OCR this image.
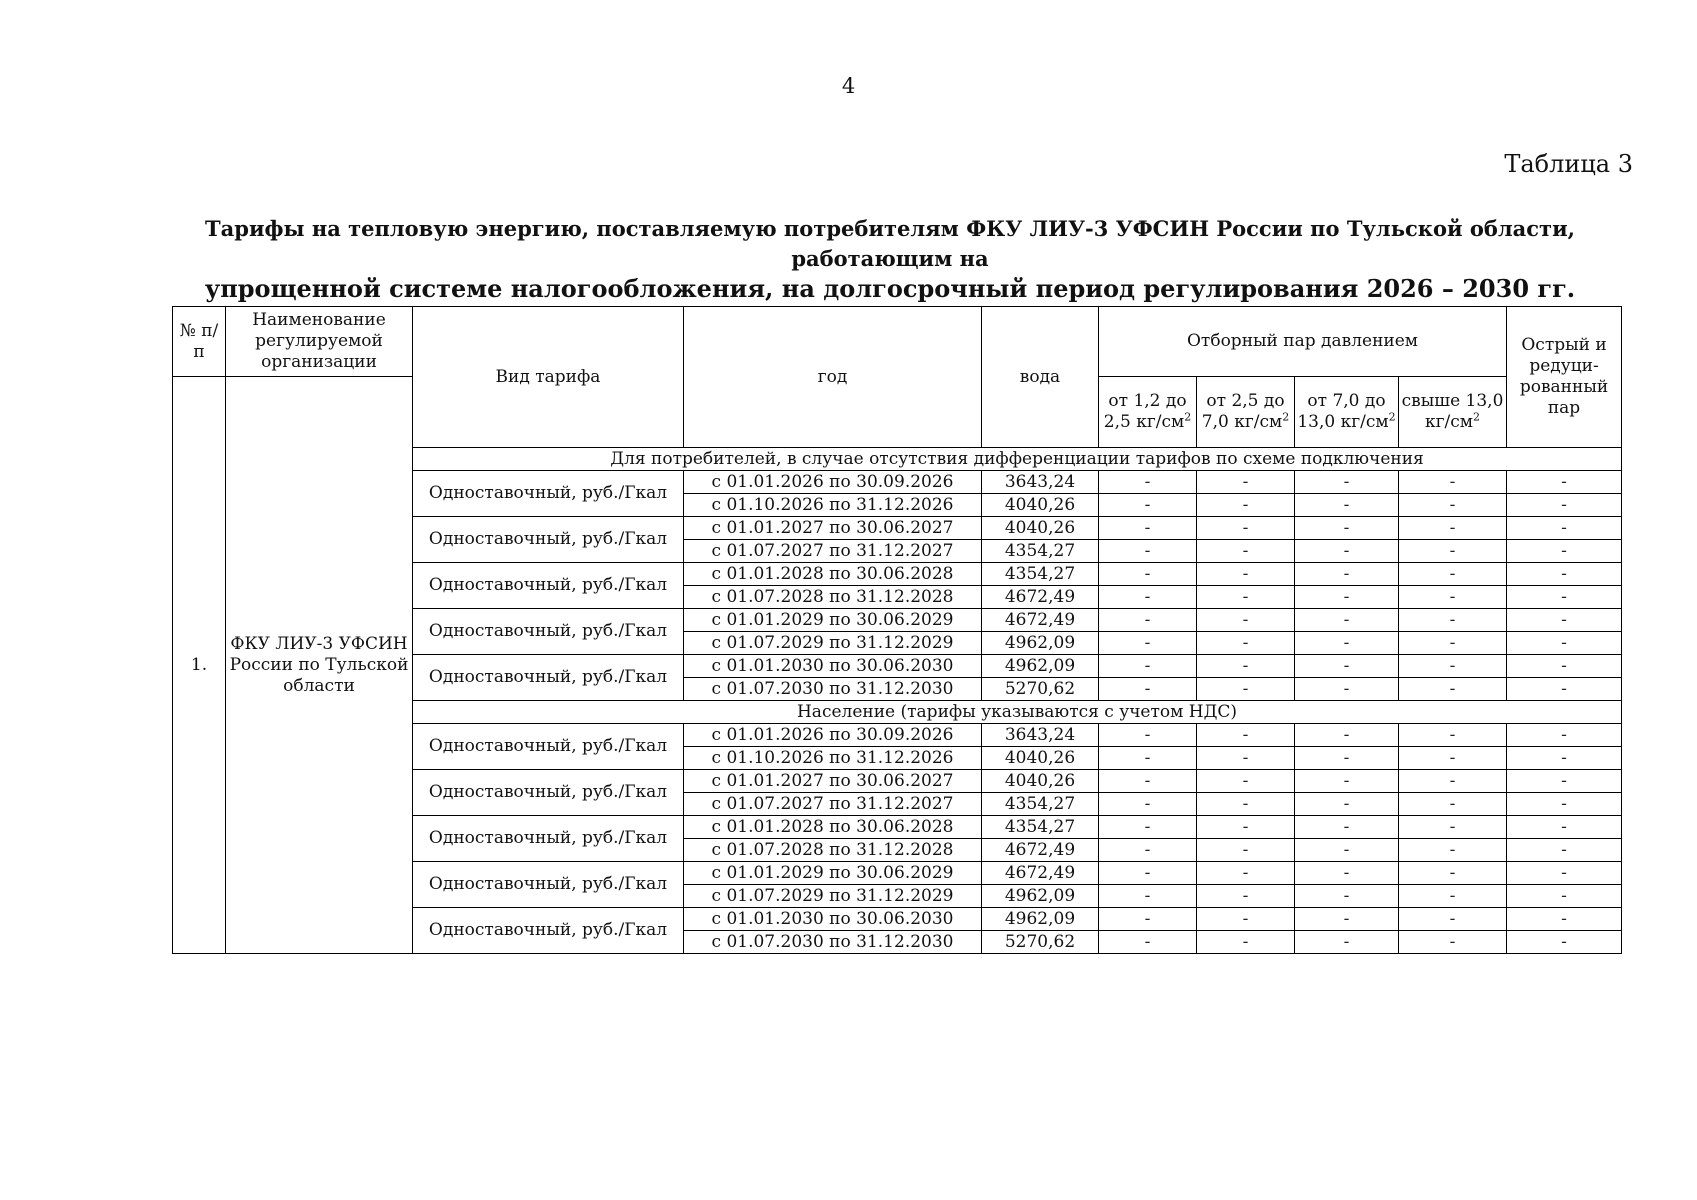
4
Таблица 3
Тарифы на тепловую энергию, поставляемую потребителям ФКУ ЛИУ-3 УФСИН России по Тульской области, работающим на
упрощенной системе налогообложения, на долгосрочный период регулирования 2026 – 2030 гг.
№ п/п	Наименование регулируемой организации	Вид тарифа	год	вода	Отборный пар давлением				Острый и редуци-рованный пар
1.	ФКУ ЛИУ-3 УФСИН России по Тульской области				от 1,2 до 2,5 $кг/см^2$	от 2,5 до 7,0 $кг/см^2$	от 7,0 до 13,0 $кг/см^2$	свыше 13,0 $кг/см^2$
		Для потребителей, в случае отсутствия дифференциации тарифов по схеме подключения							
		Одноставочный, руб./Гкал	с 01.01.2026 по 30.09.2026	3643,24	-	-	-	-	-
			с 01.10.2026 по 31.12.2026	4040,26	-	-	-	-	-
		Одноставочный, руб./Гкал	с 01.01.2027 по 30.06.2027	4040,26	-	-	-	-	-
			с 01.07.2027 по 31.12.2027	4354,27	-	-	-	-	-
		Одноставочный, руб./Гкал	с 01.01.2028 по 30.06.2028	4354,27	-	-	-	-	-
			с 01.07.2028 по 31.12.2028	4672,49	-	-	-	-	-
		Одноставочный, руб./Гкал	с 01.01.2029 по 30.06.2029	4672,49	-	-	-	-	-
			с 01.07.2029 по 31.12.2029	4962,09	-	-	-	-	-
		Одноставочный, руб./Гкал	с 01.01.2030 по 30.06.2030	4962,09	-	-	-	-	-
			с 01.07.2030 по 31.12.2030	5270,62	-	-	-	-	-
		Население (тарифы указываются с учетом НДС)							
		Одноставочный, руб./Гкал	с 01.01.2026 по 30.09.2026	3643,24	-	-	-	-	-
			с 01.10.2026 по 31.12.2026	4040,26	-	-	-	-	-
		Одноставочный, руб./Гкал	с 01.01.2027 по 30.06.2027	4040,26	-	-	-	-	-
			с 01.07.2027 по 31.12.2027	4354,27	-	-	-	-	-
		Одноставочный, руб./Гкал	с 01.01.2028 по 30.06.2028	4354,27	-	-	-	-	-
			с 01.07.2028 по 31.12.2028	4672,49	-	-	-	-	-
		Одноставочный, руб./Гкал	с 01.01.2029 по 30.06.2029	4672,49	-	-	-	-	-
			с 01.07.2029 по 31.12.2029	4962,09	-	-	-	-	-
		Одноставочный, руб./Гкал	с 01.01.2030 по 30.06.2030	4962,09	-	-	-	-	-
			с 01.07.2030 по 31.12.2030	5270,62	-	-	-	-	-
